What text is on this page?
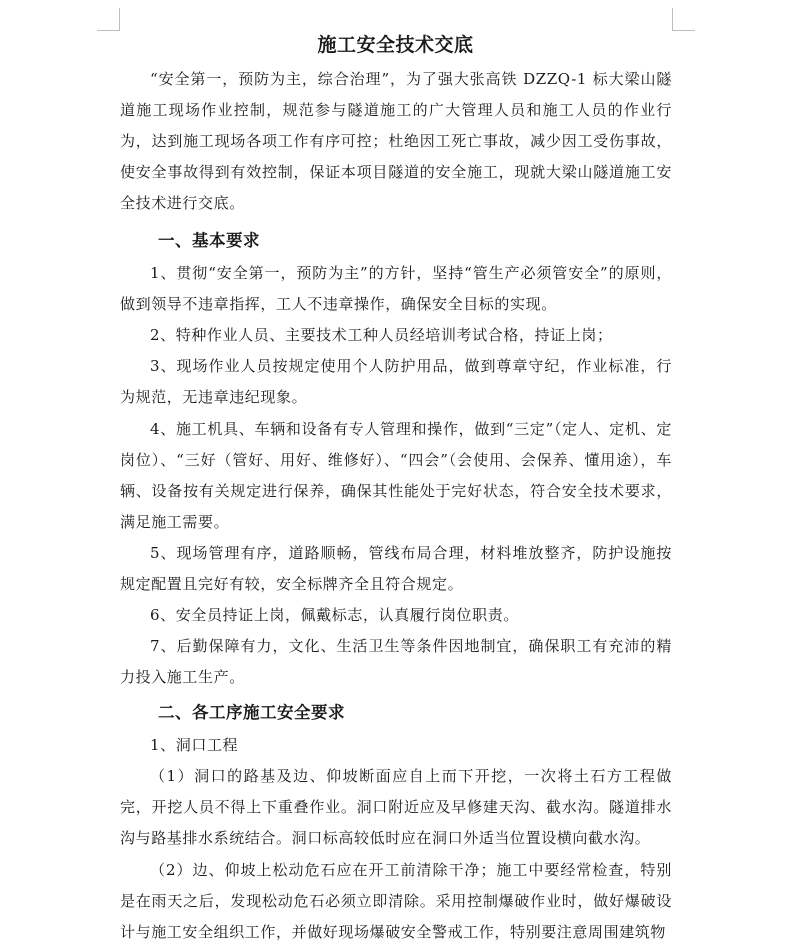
施工安全技术交底
“安全第一，预防为主，综合治理”，为了强大张高铁 DZZQ-1 标大梁山隧道施工现场作业控制，规范参与隧道施工的广大管理人员和施工人员的作业行为，达到施工现场各项工作有序可控；杜绝因工死亡事故，减少因工受伤事故，使安全事故得到有效控制，保证本项目隧道的安全施工，现就大梁山隧道施工安全技术进行交底。
一、基本要求
1、贯彻“安全第一，预防为主”的方针，坚持“管生产必须管安全”的原则，做到领导不违章指挥，工人不违章操作，确保安全目标的实现。
2、特种作业人员、主要技术工种人员经培训考试合格，持证上岗；
3、现场作业人员按规定使用个人防护用品，做到尊章守纪，作业标准，行为规范，无违章违纪现象。
4、施工机具、车辆和设备有专人管理和操作，做到“三定”（定人、定机、定岗位）、“三好（管好、用好、维修好）、“四会”（会使用、会保养、懂用途），车辆、设备按有关规定进行保养，确保其性能处于完好状态，符合安全技术要求，满足施工需要。
5、现场管理有序，道路顺畅，管线布局合理，材料堆放整齐，防护设施按规定配置且完好有较，安全标牌齐全且符合规定。
6、安全员持证上岗，佩戴标志，认真履行岗位职责。
7、后勤保障有力，文化、生活卫生等条件因地制宜，确保职工有充沛的精力投入施工生产。
二、各工序施工安全要求
1、洞口工程
（1）洞口的路基及边、仰坡断面应自上而下开挖，一次将土石方工程做完，开挖人员不得上下重叠作业。洞口附近应及早修建天沟、截水沟。隧道排水沟与路基排水系统结合。洞口标高较低时应在洞口外适当位置设横向截水沟。
（2）边、仰坡上松动危石应在开工前清除干净；施工中要经常检查，特别是在雨天之后，发现松动危石必须立即清除。采用控制爆破作业时，做好爆破设计与施工安全组织工作，并做好现场爆破安全警戒工作，特别要注意周围建筑物
